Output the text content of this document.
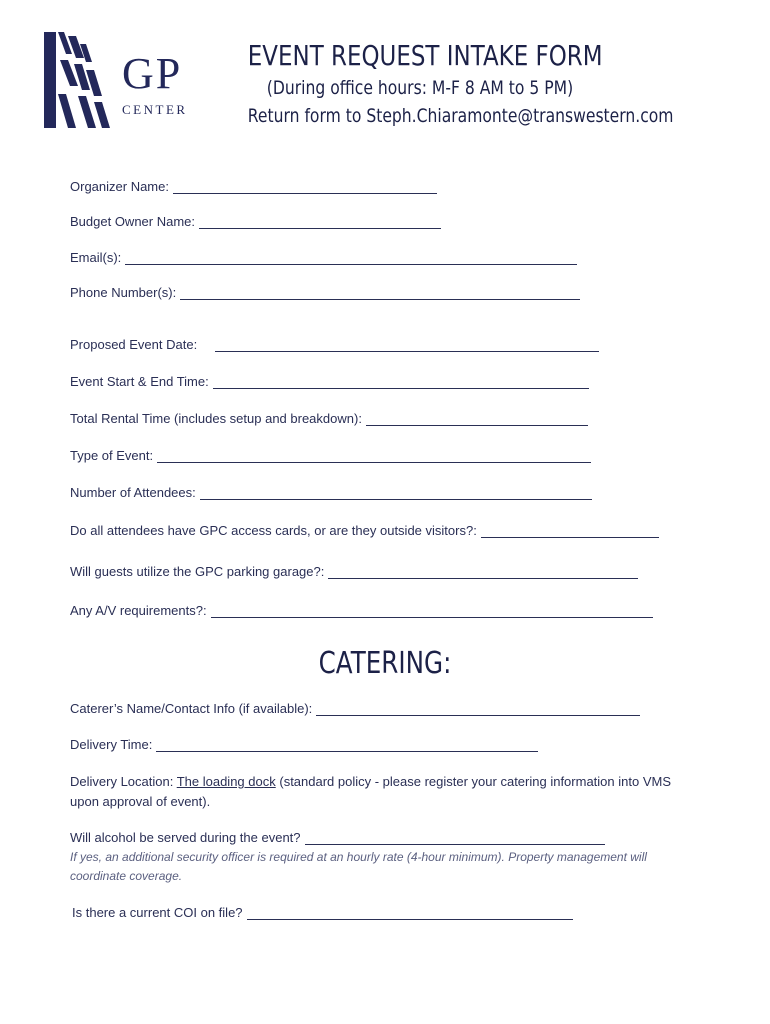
GP
CENTER
EVENT REQUEST INTAKE FORM
(During office hours: M-F 8 AM to 5 PM)
Return form to Steph.Chiaramonte@transwestern.com
Organizer Name:
Budget Owner Name:
Email(s):
Phone Number(s):
Proposed Event Date:
Event Start & End Time:
Total Rental Time (includes setup and breakdown):
Type of Event:
Number of Attendees:
Do all attendees have GPC access cards, or are they outside visitors?:
Will guests utilize the GPC parking garage?:
Any A/V requirements?:
CATERING:
Caterer’s Name/Contact Info (if available):
Delivery Time:
Delivery Location: The loading dock (standard policy - please register your catering information into VMS upon approval of event).
Will alcohol be served during the event?
If yes, an additional security officer is required at an hourly rate (4-hour minimum). Property management will coordinate coverage.
Is there a current COI on file?
